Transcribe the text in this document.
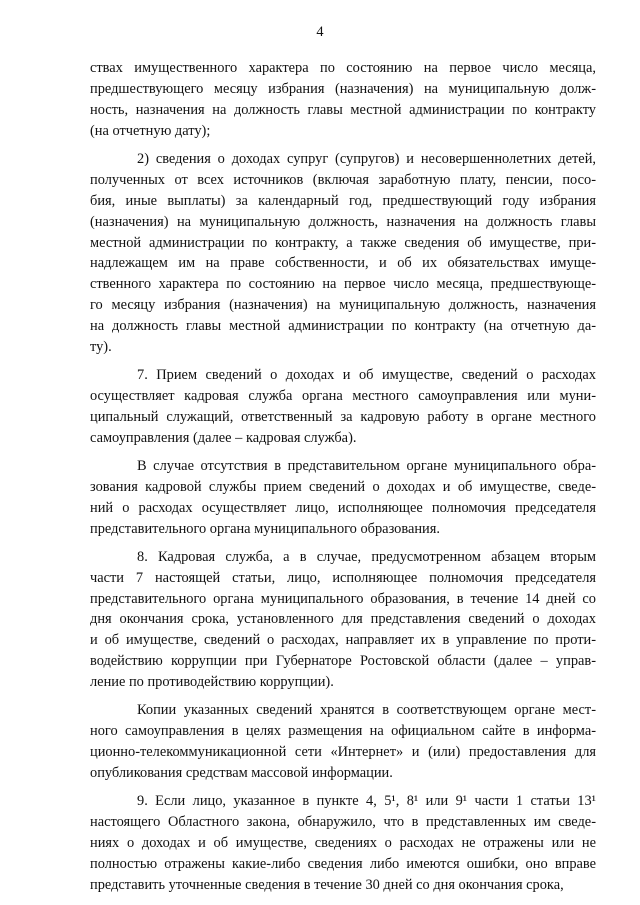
4
ствах имущественного характера по состоянию на первое число месяца,
предшествующего месяцу избрания (назначения) на муниципальную долж-
ность, назначения на должность главы местной администрации по контракту
(на отчетную дату);
2) сведения о доходах супруг (супругов) и несовершеннолетних детей,
полученных от всех источников (включая заработную плату, пенсии, посо-
бия, иные выплаты) за календарный год, предшествующий году избрания
(назначения) на муниципальную должность, назначения на должность главы
местной администрации по контракту, а также сведения об имуществе, при-
надлежащем им на праве собственности, и об их обязательствах имуще-
ственного характера по состоянию на первое число месяца, предшествующе-
го месяцу избрания (назначения) на муниципальную должность, назначения
на должность главы местной администрации по контракту (на отчетную да-
ту).
7. Прием сведений о доходах и об имуществе, сведений о расходах
осуществляет кадровая служба органа местного самоуправления или муни-
ципальный служащий, ответственный за кадровую работу в органе местного
самоуправления (далее – кадровая служба).
В случае отсутствия в представительном органе муниципального обра-
зования кадровой службы прием сведений о доходах и об имуществе, сведе-
ний о расходах осуществляет лицо, исполняющее полномочия председателя
представительного органа муниципального образования.
8. Кадровая служба, а в случае, предусмотренном абзацем вторым
части 7 настоящей статьи, лицо, исполняющее полномочия председателя
представительного органа муниципального образования, в течение 14 дней со
дня окончания срока, установленного для представления сведений о доходах
и об имуществе, сведений о расходах, направляет их в управление по проти-
водействию коррупции при Губернаторе Ростовской области (далее – управ-
ление по противодействию коррупции).
Копии указанных сведений хранятся в соответствующем органе мест-
ного самоуправления в целях размещения на официальном сайте в информа-
ционно-телекоммуникационной сети «Интернет» и (или) предоставления для
опубликования средствам массовой информации.
9. Если лицо, указанное в пункте 4, 5¹, 8¹ или 9¹ части 1 статьи 13¹
настоящего Областного закона, обнаружило, что в представленных им сведе-
ниях о доходах и об имуществе, сведениях о расходах не отражены или не
полностью отражены какие-либо сведения либо имеются ошибки, оно вправе
представить уточненные сведения в течение 30 дней со дня окончания срока,
